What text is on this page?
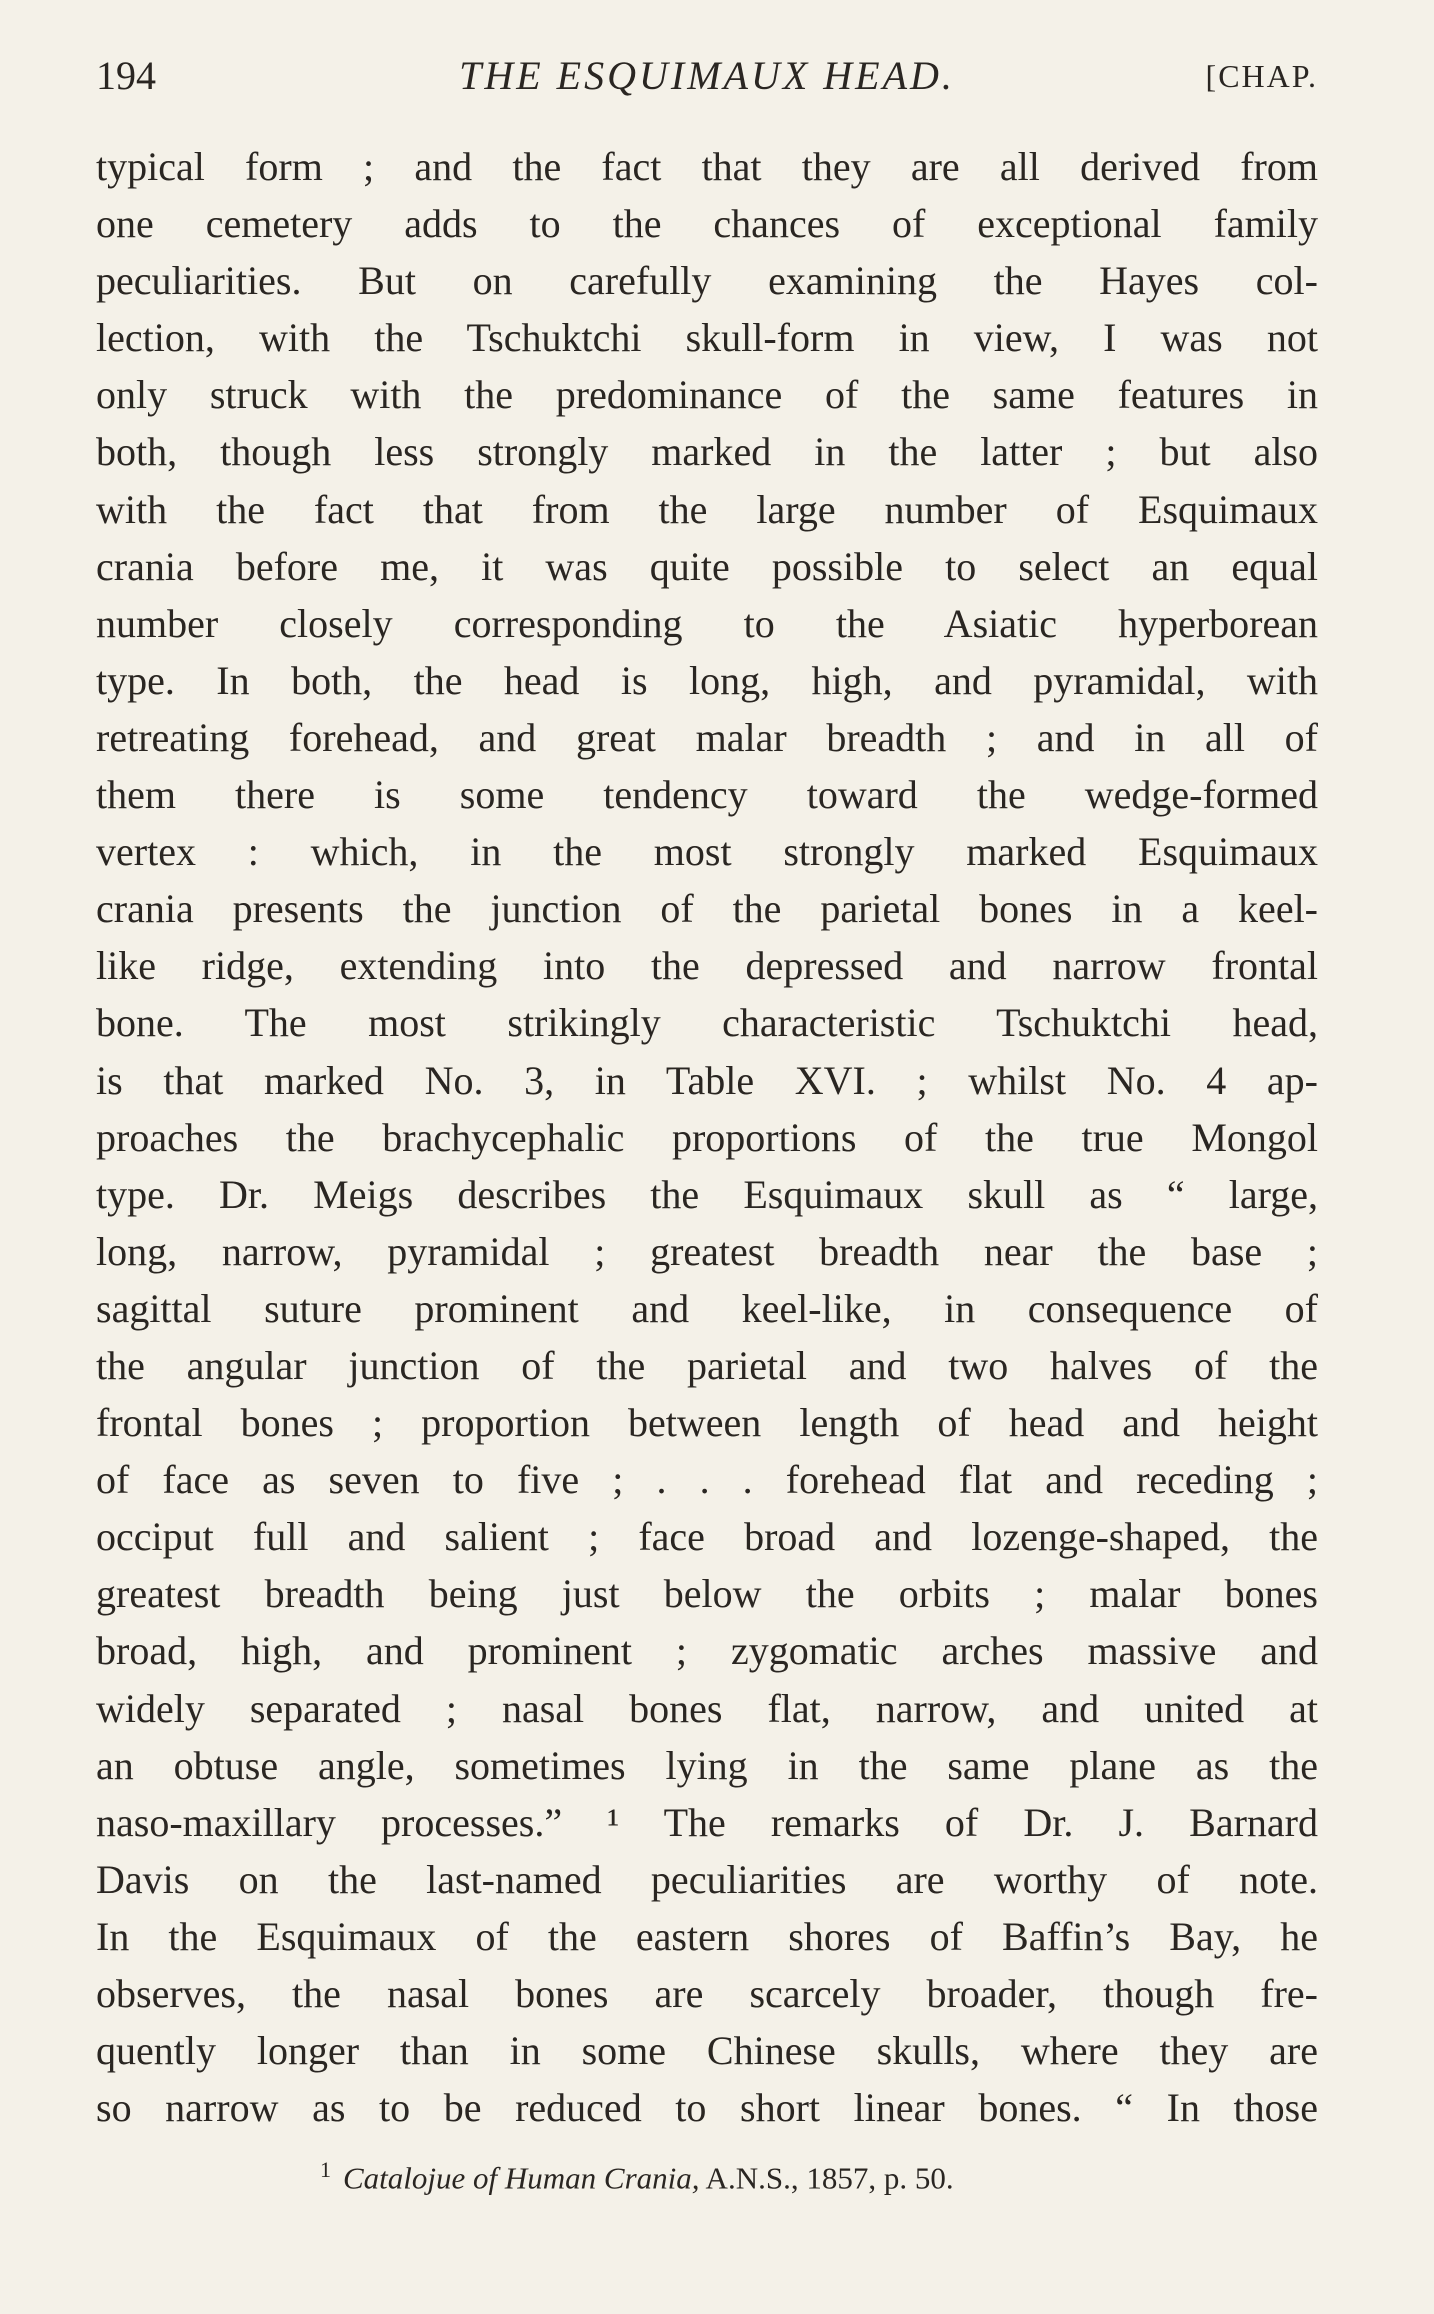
194	THE ESQUIMAUX HEAD.	[CHAP.
typical form ; and the fact that they are all derived from
one cemetery adds to the chances of exceptional family
peculiarities. But on carefully examining the Hayes col-
lection, with the Tschuktchi skull-form in view, I was not
only struck with the predominance of the same features in
both, though less strongly marked in the latter ; but also
with the fact that from the large number of Esquimaux
crania before me, it was quite possible to select an equal
number closely corresponding to the Asiatic hyperborean
type. In both, the head is long, high, and pyramidal, with
retreating forehead, and great malar breadth ; and in all of
them there is some tendency toward the wedge-formed
vertex : which, in the most strongly marked Esquimaux
crania presents the junction of the parietal bones in a keel-
like ridge, extending into the depressed and narrow frontal
bone. The most strikingly characteristic Tschuktchi head,
is that marked No. 3, in Table XVI. ; whilst No. 4 ap-
proaches the brachycephalic proportions of the true Mongol
type. Dr. Meigs describes the Esquimaux skull as “ large,
long, narrow, pyramidal ; greatest breadth near the base ;
sagittal suture prominent and keel-like, in consequence of
the angular junction of the parietal and two halves of the
frontal bones ; proportion between length of head and height
of face as seven to five ; . . . forehead flat and receding ;
occiput full and salient ; face broad and lozenge-shaped, the
greatest breadth being just below the orbits ; malar bones
broad, high, and prominent ; zygomatic arches massive and
widely separated ; nasal bones flat, narrow, and united at
an obtuse angle, sometimes lying in the same plane as the
naso-maxillary processes.” ¹ The remarks of Dr. J. Barnard
Davis on the last-named peculiarities are worthy of note.
In the Esquimaux of the eastern shores of Baffin’s Bay, he
observes, the nasal bones are scarcely broader, though fre-
quently longer than in some Chinese skulls, where they are
so narrow as to be reduced to short linear bones. “ In those
$^1$ Catalojue of Human Crania, A.N.S., 1857, p. 50.
